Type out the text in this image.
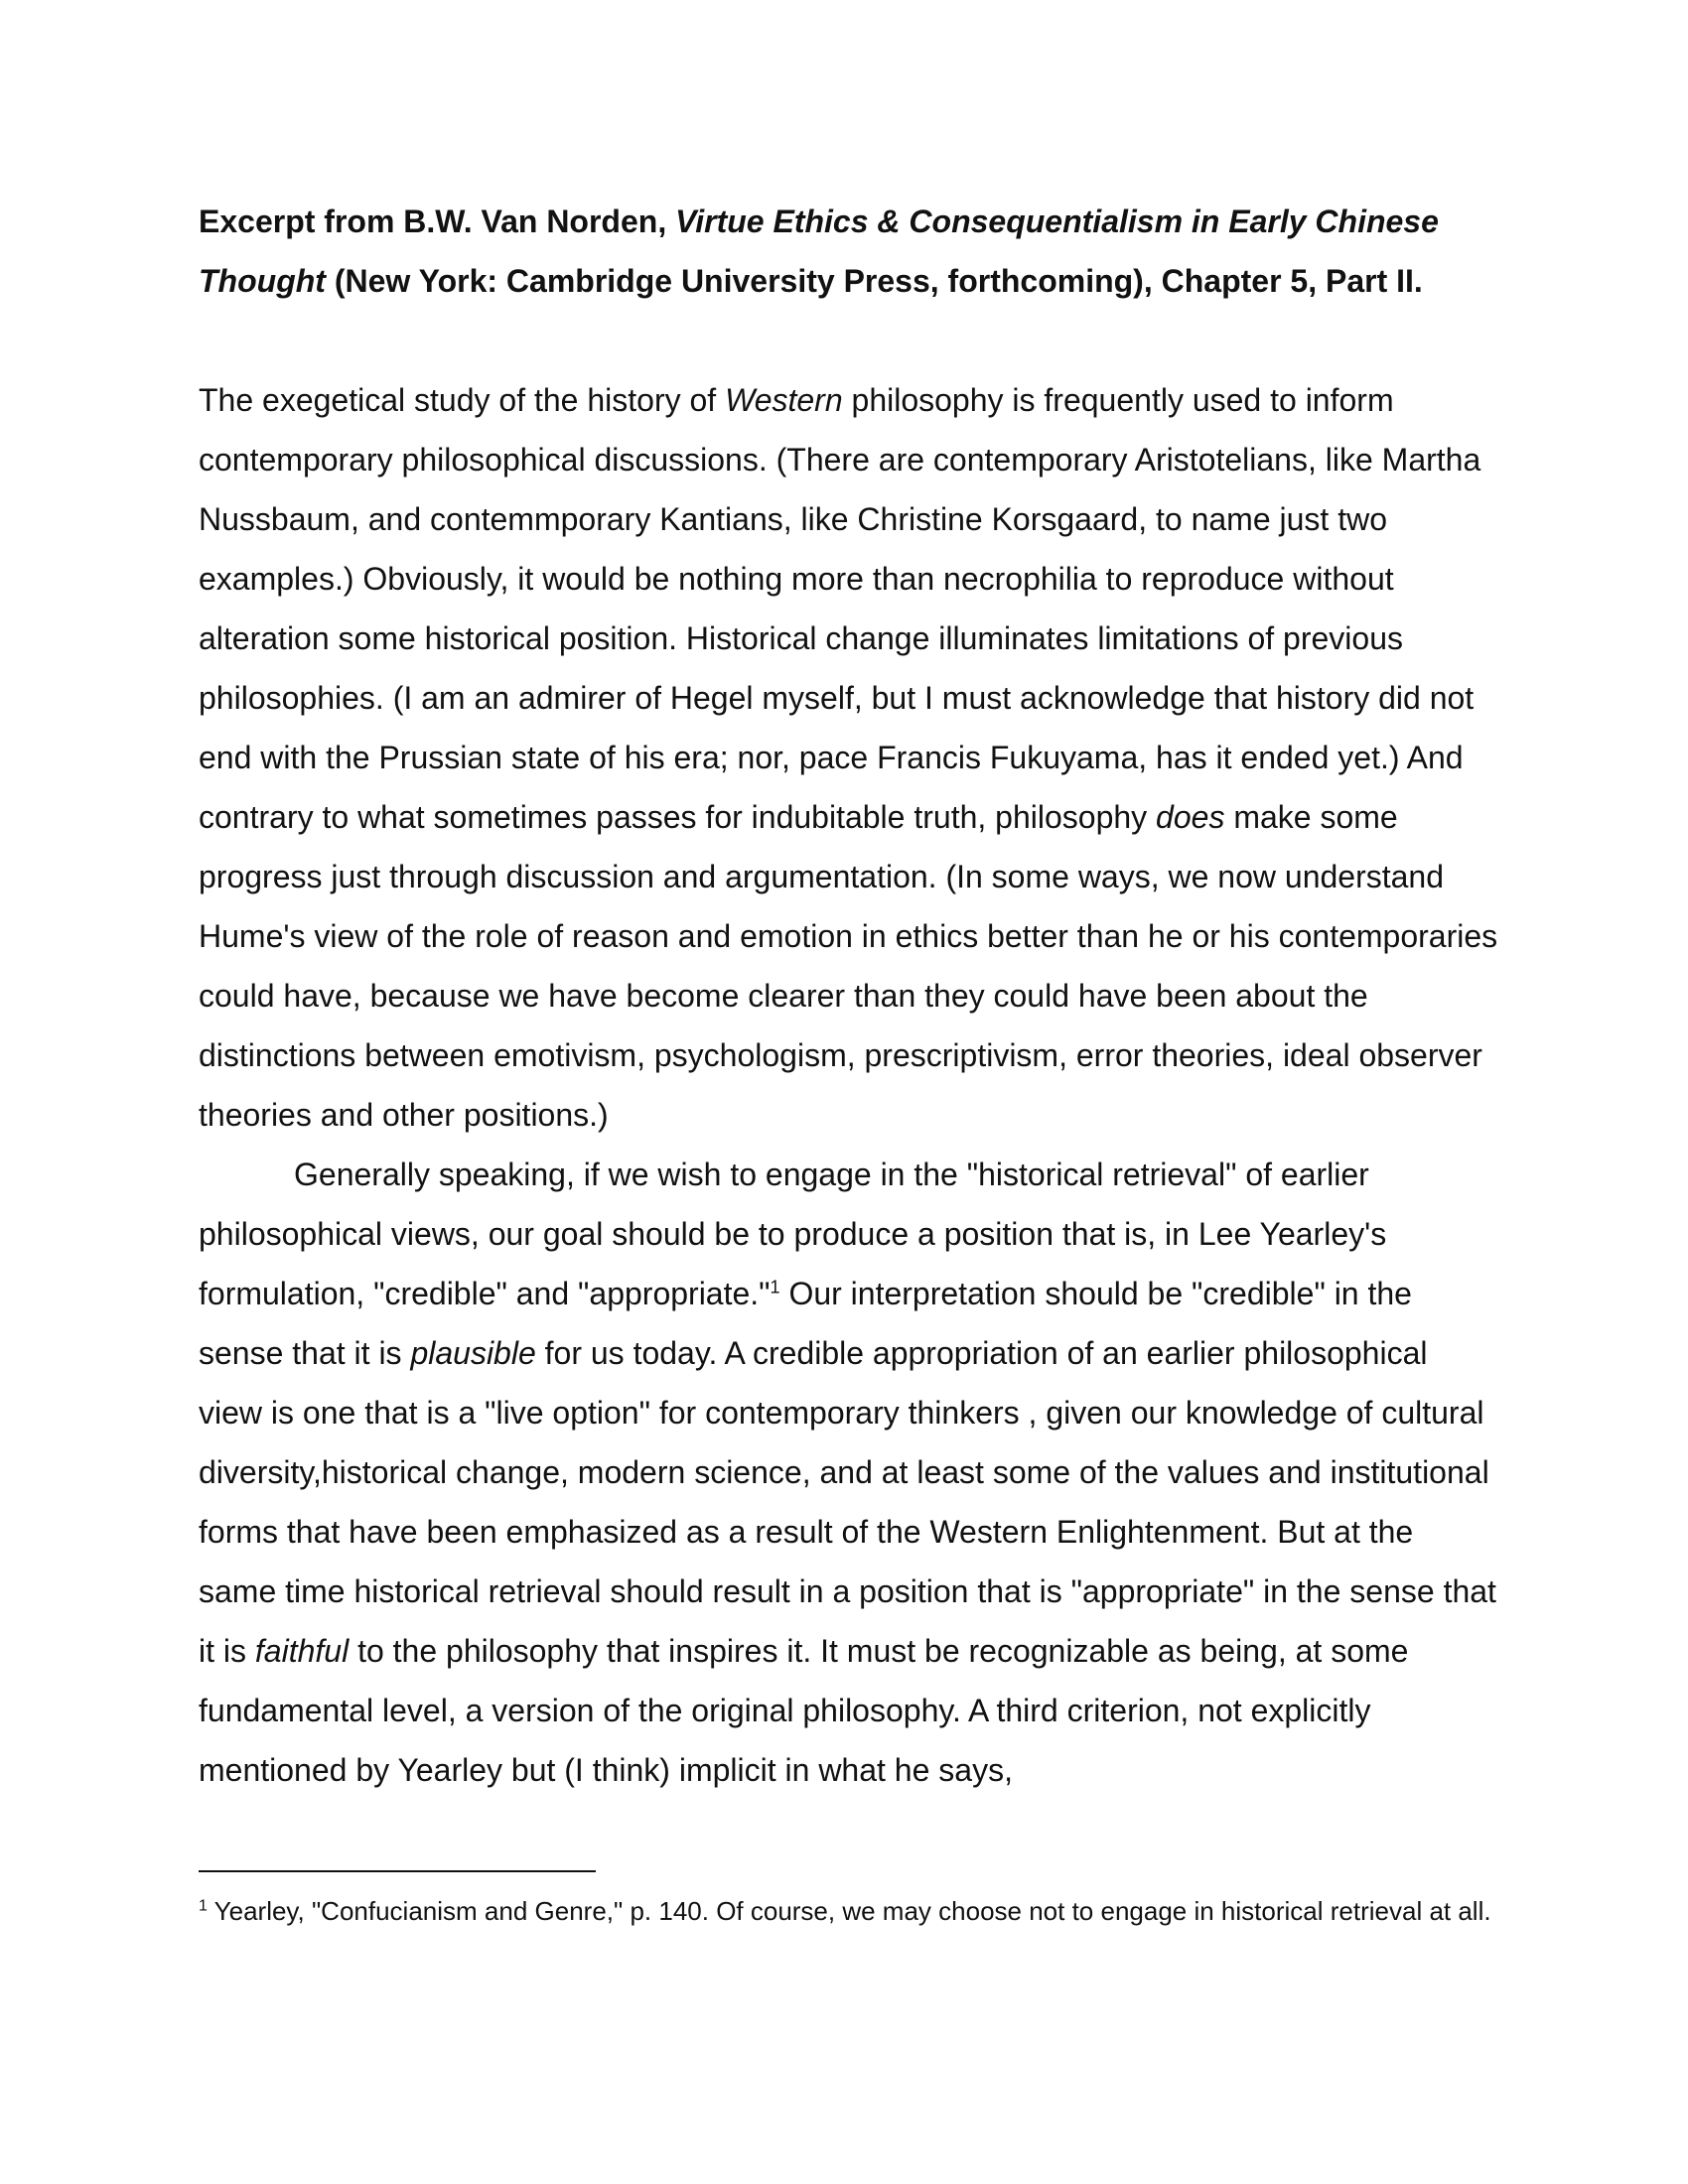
Excerpt from B.W. Van Norden, Virtue Ethics & Consequentialism in Early Chinese Thought (New York: Cambridge University Press, forthcoming), Chapter 5, Part II.

The exegetical study of the history of Western philosophy is frequently used to inform contemporary philosophical discussions. (There are contemporary Aristotelians, like Martha Nussbaum, and contemmporary Kantians, like Christine Korsgaard, to name just two examples.) Obviously, it would be nothing more than necrophilia to reproduce without alteration some historical position. Historical change illuminates limitations of previous philosophies. (I am an admirer of Hegel myself, but I must acknowledge that history did not end with the Prussian state of his era; nor, pace Francis Fukuyama, has it ended yet.) And contrary to what sometimes passes for indubitable truth, philosophy does make some progress just through discussion and argumentation. (In some ways, we now understand Hume's view of the role of reason and emotion in ethics better than he or his contemporaries could have, because we have become clearer than they could have been about the distinctions between emotivism, psychologism, prescriptivism, error theories, ideal observer theories and other positions.)

Generally speaking, if we wish to engage in the "historical retrieval" of earlier philosophical views, our goal should be to produce a position that is, in Lee Yearley's formulation, "credible" and "appropriate."$^1$ Our interpretation should be "credible" in the sense that it is plausible for us today. A credible appropriation of an earlier philosophical view is one that is a "live option" for contemporary thinkers , given our knowledge of cultural diversity,historical change, modern science, and at least some of the values and institutional forms that have been emphasized as a result of the Western Enlightenment. But at the same time historical retrieval should result in a position that is "appropriate" in the sense that it is faithful to the philosophy that inspires it. It must be recognizable as being, at some fundamental level, a version of the original philosophy. A third criterion, not explicitly mentioned by Yearley but (I think) implicit in what he says,

$^1$ Yearley, "Confucianism and Genre," p. 140. Of course, we may choose not to engage in historical retrieval at all.
